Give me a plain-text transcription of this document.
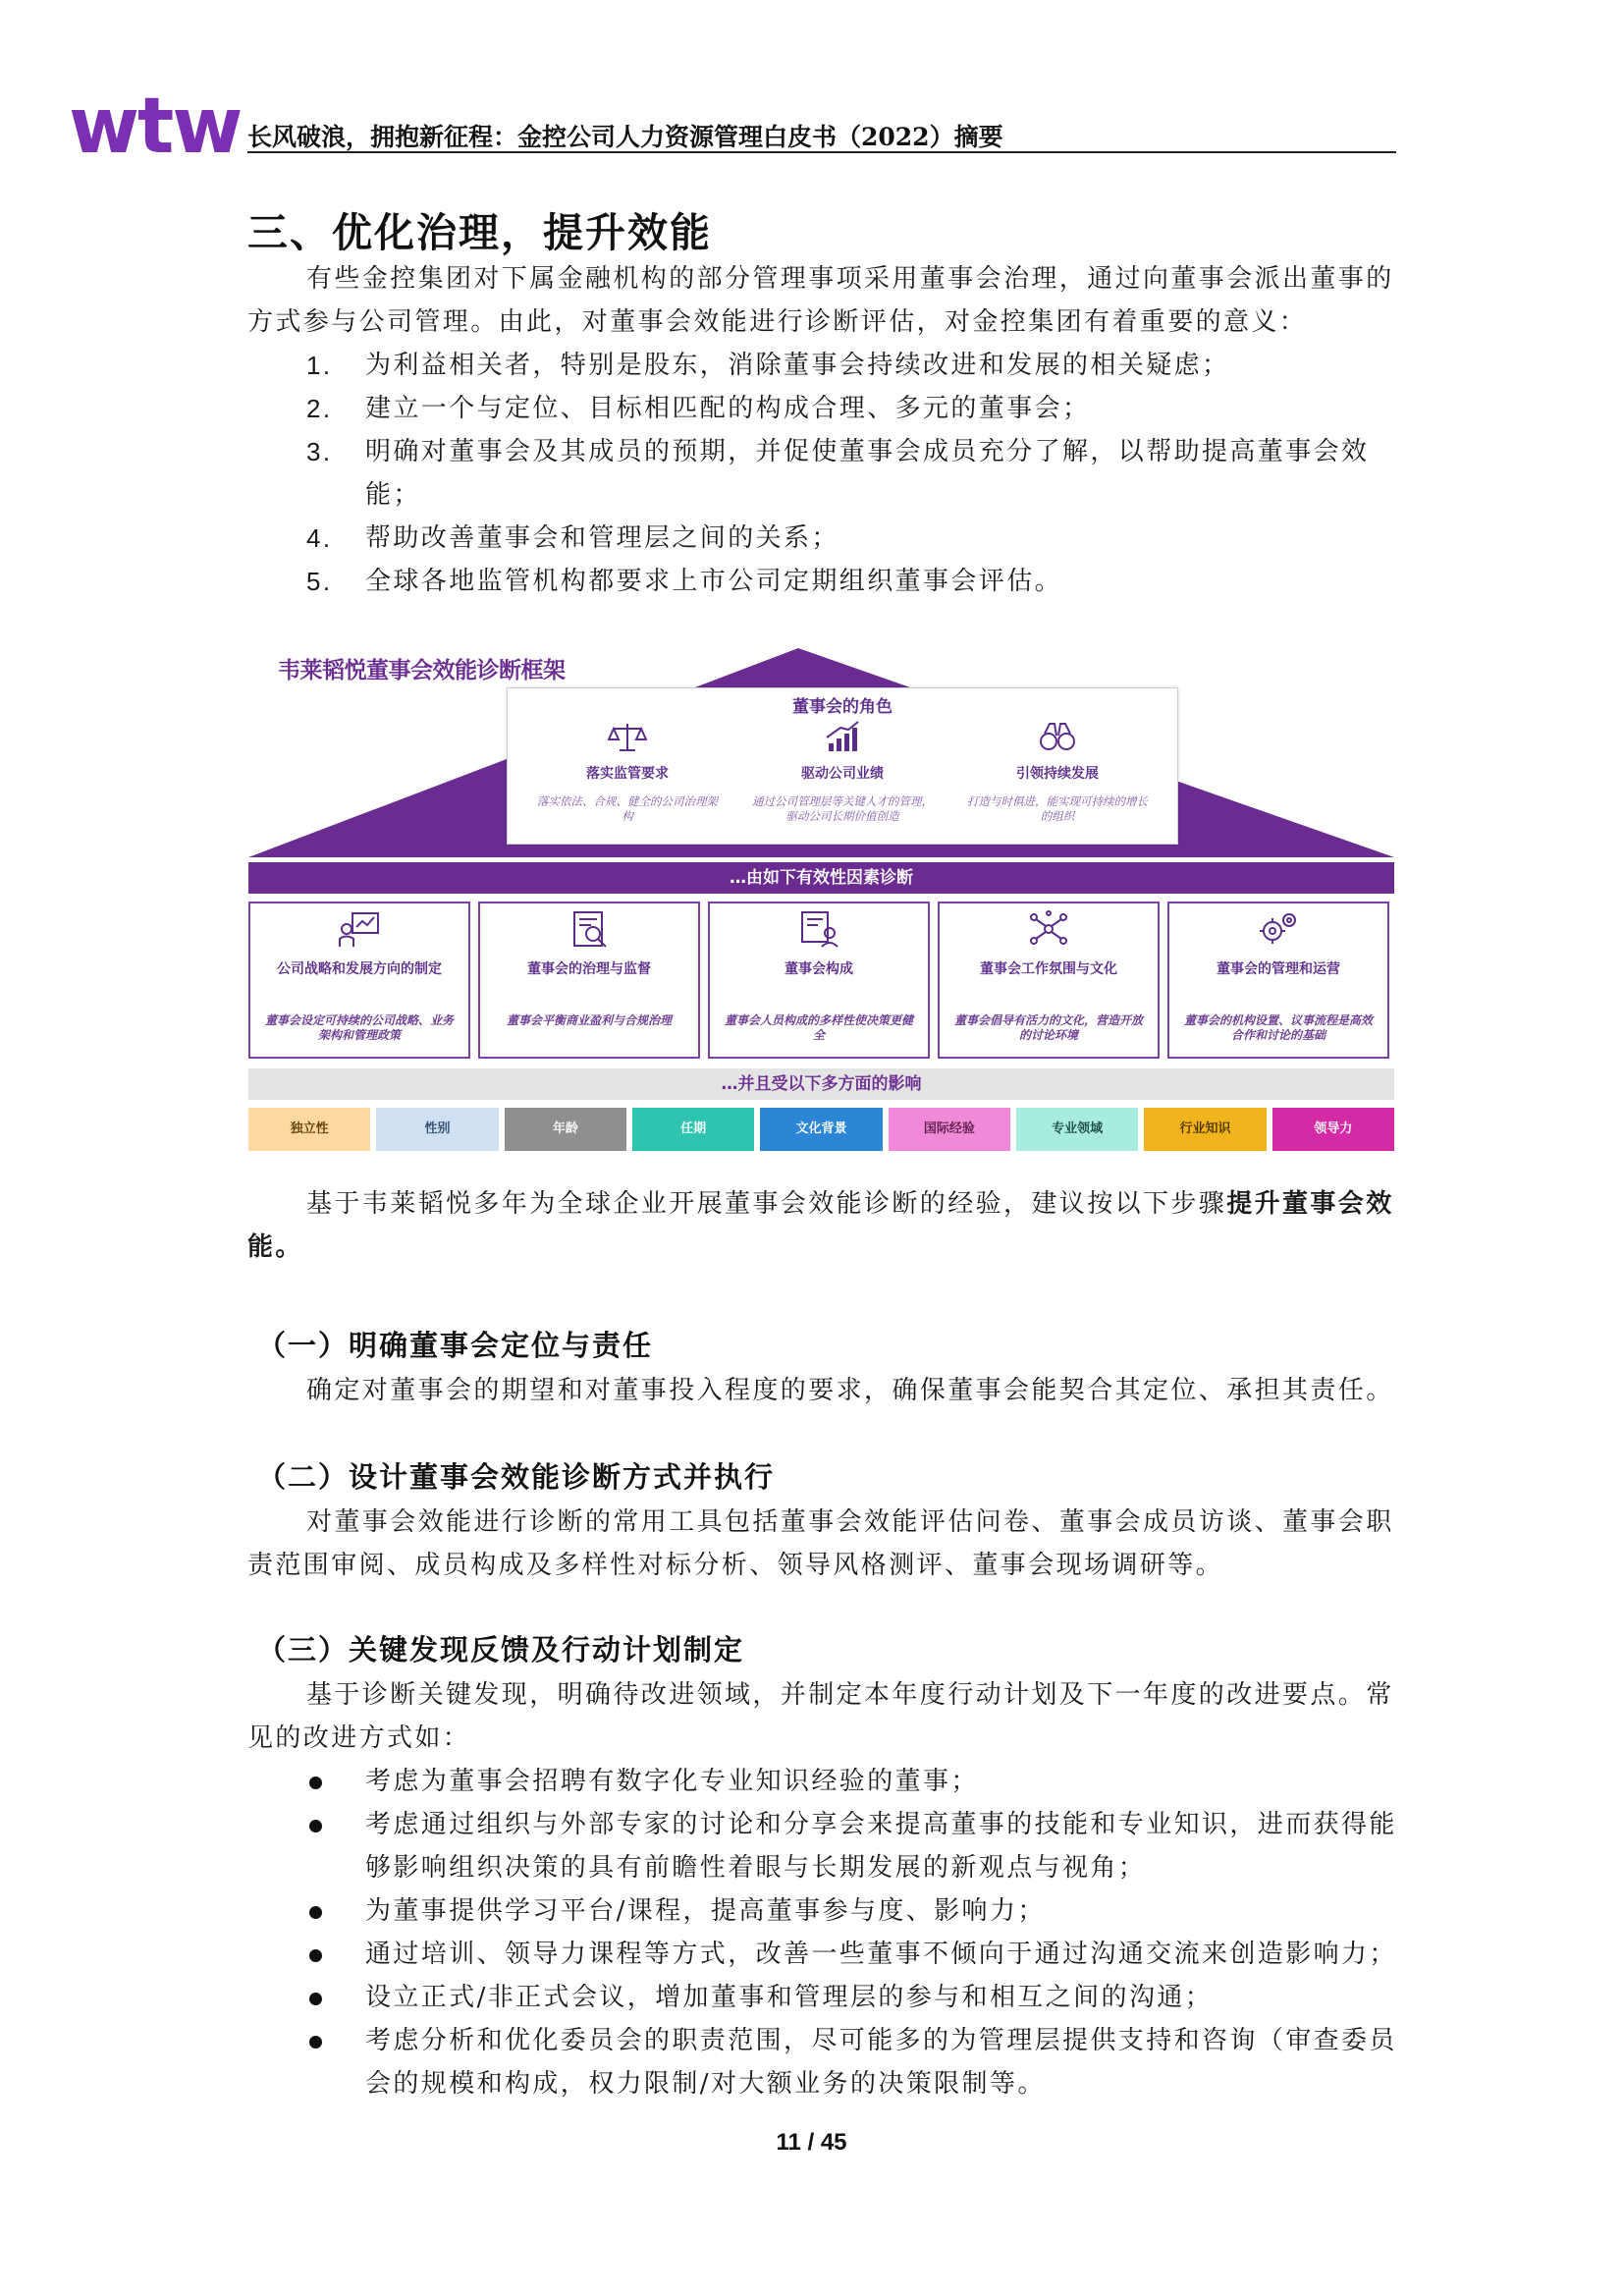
wtw 长风破浪，拥抱新征程：金控公司人力资源管理白皮书（2022）摘要
三、优化治理，提升效能
有些金控集团对下属金融机构的部分管理事项采用董事会治理，通过向董事会派出董事的方式参与公司管理。由此，对董事会效能进行诊断评估，对金控集团有着重要的意义：
1. 为利益相关者，特别是股东，消除董事会持续改进和发展的相关疑虑；
2. 建立一个与定位、目标相匹配的构成合理、多元的董事会；
3. 明确对董事会及其成员的预期，并促使董事会成员充分了解，以帮助提高董事会效能；
4. 帮助改善董事会和管理层之间的关系；
5. 全球各地监管机构都要求上市公司定期组织董事会评估。
韦莱韬悦董事会效能诊断框架
董事会的角色
落实监管要求
落实依法、合规、健全的公司治理架构
驱动公司业绩
通过公司管理层等关键人才的管理，驱动公司长期价值创造
引领持续发展
打造与时俱进，能实现可持续的增长的组织
…由如下有效性因素诊断
公司战略和发展方向的制定
董事会设定可持续的公司战略、业务架构和管理政策
董事会的治理与监督
董事会平衡商业盈利与合规治理
董事会构成
董事会人员构成的多样性使决策更健全
董事会工作氛围与文化
董事会倡导有活力的文化，营造开放的讨论环境
董事会的管理和运营
董事会的机构设置、议事流程是高效合作和讨论的基础
…并且受以下多方面的影响
独立性	性别	年龄	任期	文化背景	国际经验	专业领域	行业知识	领导力
基于韦莱韬悦多年为全球企业开展董事会效能诊断的经验，建议按以下步骤提升董事会效能。
（一）明确董事会定位与责任
确定对董事会的期望和对董事投入程度的要求，确保董事会能契合其定位、承担其责任。
（二）设计董事会效能诊断方式并执行
对董事会效能进行诊断的常用工具包括董事会效能评估问卷、董事会成员访谈、董事会职责范围审阅、成员构成及多样性对标分析、领导风格测评、董事会现场调研等。
（三）关键发现反馈及行动计划制定
基于诊断关键发现，明确待改进领域，并制定本年度行动计划及下一年度的改进要点。常见的改进方式如：
考虑为董事会招聘有数字化专业知识经验的董事；
考虑通过组织与外部专家的讨论和分享会来提高董事的技能和专业知识，进而获得能够影响组织决策的具有前瞻性着眼与长期发展的新观点与视角；
为董事提供学习平台/课程，提高董事参与度、影响力；
通过培训、领导力课程等方式，改善一些董事不倾向于通过沟通交流来创造影响力；
设立正式/非正式会议，增加董事和管理层的参与和相互之间的沟通；
考虑分析和优化委员会的职责范围，尽可能多的为管理层提供支持和咨询（审查委员会的规模和构成，权力限制/对大额业务的决策限制等。
11 / 45
